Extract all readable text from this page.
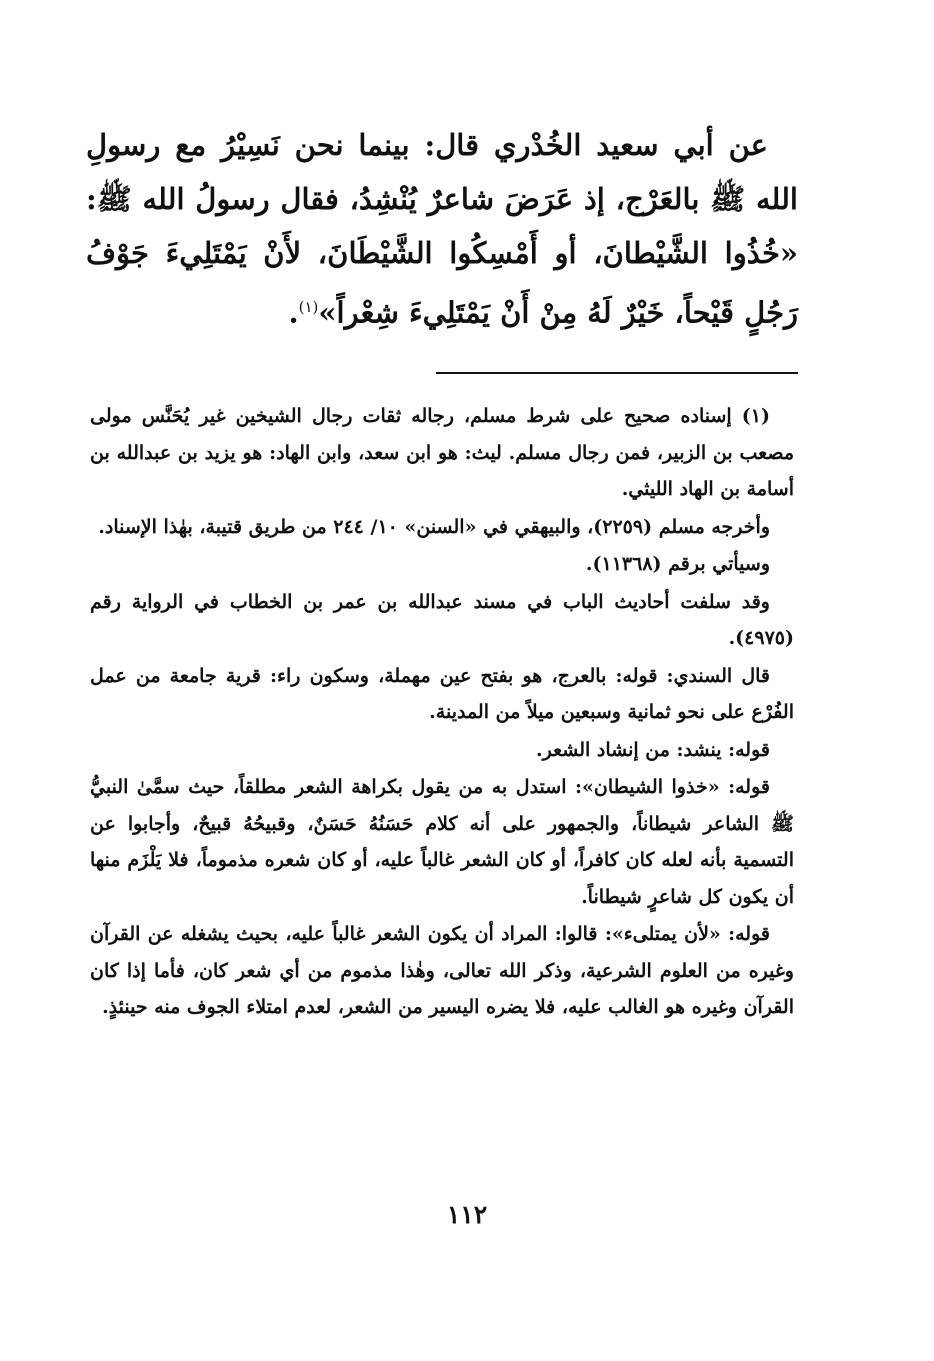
عن أبي سعيد الخُدْري قال: بينما نحن نَسِيْرُ مع رسولِ الله ﷺ بالعَرْج، إذ عَرَضَ شاعرٌ يُنْشِدُ، فقال رسولُ الله ﷺ: «خُذُوا الشَّيْطانَ، أو أَمْسِكُوا الشَّيْطَانَ، لأَنْ يَمْتَلِيءَ جَوْفُ رَجُلٍ قَيْحاً، خَيْرٌ لَهُ مِنْ أَنْ يَمْتَلِيءَ شِعْراً»$^{(١)}$.

(١) إسناده صحيح على شرط مسلم، رجاله ثقات رجال الشيخين غير يُحَنَّس مولى مصعب بن الزبير، فمن رجال مسلم. ليث: هو ابن سعد، وابن الهاد: هو يزيد بن عبدالله بن أسامة بن الهاد الليثي.

وأخرجه مسلم (٢٢٥٩)، والبيهقي في «السنن» ١٠/ ٢٤٤ من طريق قتيبة، بهٰذا الإسناد.

وسيأتي برقم (١١٣٦٨).

وقد سلفت أحاديث الباب في مسند عبدالله بن عمر بن الخطاب في الرواية رقم (٤٩٧٥).

قال السندي: قوله: بالعرج، هو بفتح عين مهملة، وسكون راء: قرية جامعة من عمل الفُرْع على نحو ثمانية وسبعين ميلاً من المدينة.

قوله: ينشد: من إنشاد الشعر.

قوله: «خذوا الشيطان»: استدل به من يقول بكراهة الشعر مطلقاً، حيث سمَّىٰ النبيُّ ﷺ الشاعر شيطاناً، والجمهور على أنه كلام حَسَنُهُ حَسَنٌ، وقبيحُهُ قبيحٌ، وأجابوا عن التسمية بأنه لعله كان كافراً، أو كان الشعر غالباً عليه، أو كان شعره مذموماً، فلا يَلْزَم منها أن يكون كل شاعرٍ شيطاناً.

قوله: «لأن يمتلىء»: قالوا: المراد أن يكون الشعر غالباً عليه، بحيث يشغله عن القرآن وغيره من العلوم الشرعية، وذكر الله تعالى، وهٰذا مذموم من أي شعر كان، فأما إذا كان القرآن وغيره هو الغالب عليه، فلا يضره اليسير من الشعر، لعدم امتلاء الجوف منه حينئذٍ.

١١٢
